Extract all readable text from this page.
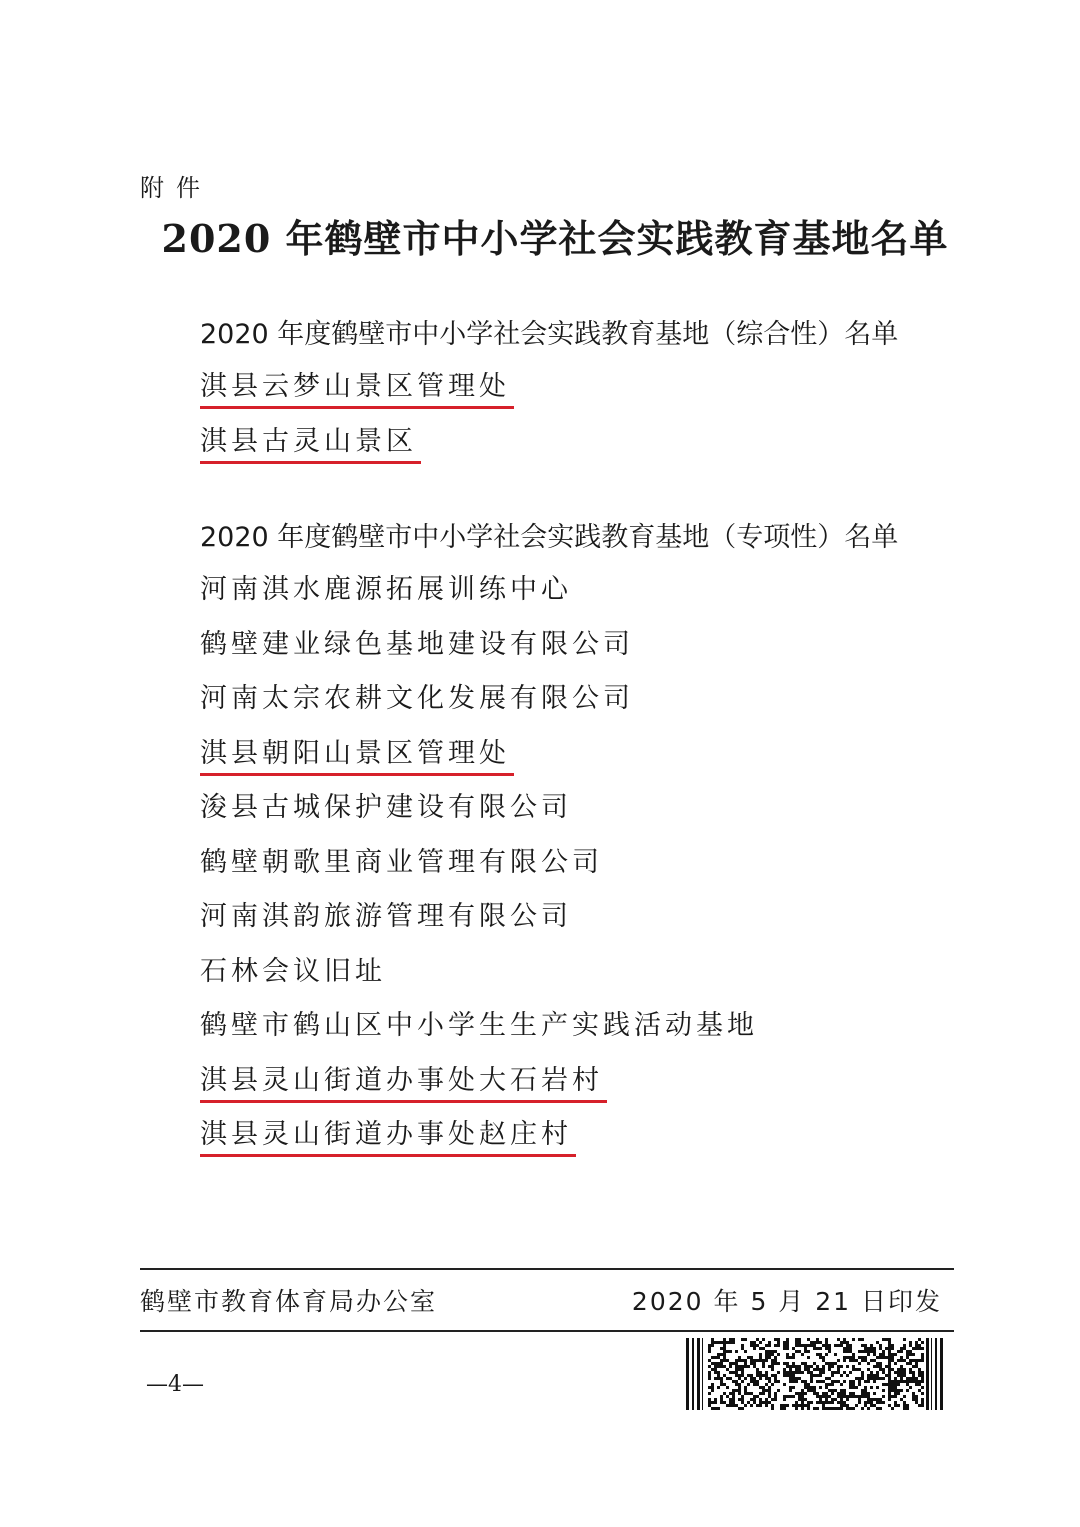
附件
2020 年鹤壁市中小学社会实践教育基地名单
2020 年度鹤壁市中小学社会实践教育基地（综合性）名单
淇县云梦山景区管理处
淇县古灵山景区
2020 年度鹤壁市中小学社会实践教育基地（专项性）名单
河南淇水鹿源拓展训练中心
鹤壁建业绿色基地建设有限公司
河南太宗农耕文化发展有限公司
淇县朝阳山景区管理处
浚县古城保护建设有限公司
鹤壁朝歌里商业管理有限公司
河南淇韵旅游管理有限公司
石林会议旧址
鹤壁市鹤山区中小学生生产实践活动基地
淇县灵山街道办事处大石岩村
淇县灵山街道办事处赵庄村
鹤壁市教育体育局办公室	2020 年 5 月 21 日印发
—4—
